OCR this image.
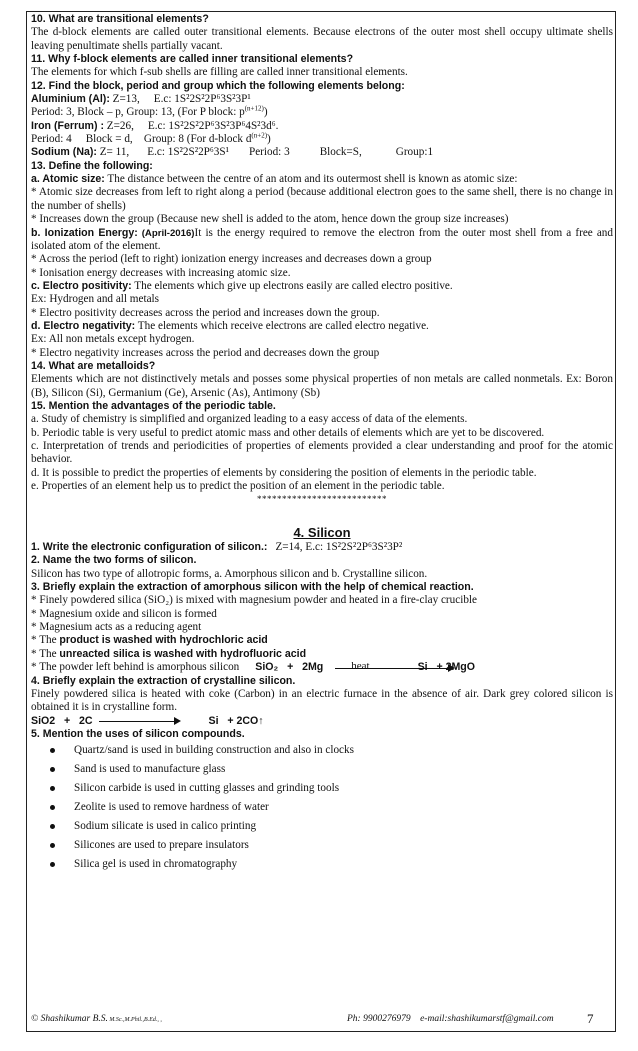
10. What are transitional elements?

The d-block elements are called outer transitional elements. Because electrons of the outer most shell occupy ultimate shells leaving penultimate shells partially vacant.

11. Why f-block elements are called inner transitional elements?

The elements for which f-sub shells are filling are called inner transitional elements.

12. Find the block, period and group which the following elements belong:

Aluminium (Al): Z=13, E.c: 1S²2S²2P⁶3S²3P¹

Period: 3, Block – p, Group: 13, (For P block: $p^{(n+12)}$)

Iron (Ferrum) : Z=26, E.c: 1S²2S²2P⁶3S²3P⁶4S²3d⁶.

Period: 4     Block = d,    Group: 8 (For d-block $d^{(n+2)}$)

Sodium (Na): Z= 11, E.c: 1S²2S²2P⁶3S¹ Period: 3	Block=S,	Group:1

13. Define the following:

a. Atomic size: The distance between the centre of an atom and its outermost shell is known as atomic size:

* Atomic size decreases from left to right along a period (because additional electron goes to the same shell, there is no change in the number of shells)

* Increases down the group (Because new shell is added to the atom, hence down the group size increases)

b. Ionization Energy: (April-2016)It is the energy required to remove the electron from the outer most shell from a free and isolated atom of the element.

* Across the period (left to right) ionization energy increases and decreases down a group

* Ionisation energy decreases with increasing atomic size.

c. Electro positivity: The elements which give up electrons easily are called electro positive.

Ex: Hydrogen and all metals

* Electro positivity decreases across the period and increases down the group.

d. Electro negativity: The elements which receive electrons are called electro negative.

Ex: All non metals except hydrogen.

* Electro negativity increases across the period and decreases down the group

14. What are metalloids?

Elements which are not distinctively metals and posses some physical properties of non metals are called nonmetals. Ex: Boron (B), Silicon (Si), Germanium (Ge), Arsenic (As), Antimony (Sb)

15. Mention the advantages of the periodic table.

a. Study of chemistry is simplified and organized leading to a easy access of data of the elements.

b. Periodic table is very useful to predict atomic mass and other details of elements which are yet to be discovered.

c. Interpretation of trends and periodicities of properties of elements provided a clear understanding and proof for the atomic behavior.

d. It is possible to predict the properties of elements by considering the position of elements in the periodic table.

e. Properties of an element help us to predict the position of an element in the periodic table.

**************************

4. Silicon

1. Write the electronic configuration of silicon.: Z=14, E.c: 1S²2S²2P⁶3S²3P²

2. Name the two forms of silicon.

Silicon has two type of allotropic forms, a. Amorphous silicon and b. Crystalline silicon.

3. Briefly explain the extraction of amorphous silicon with the help of chemical reaction.

* Finely powdered silica (SiO₂) is mixed with magnesium powder and heated in a fire-clay crucible

* Magnesium oxide and silicon is formed

* Magnesium acts as a reducing agent

* The product is washed with hydrochloric acid

* The unreacted silica is washed with hydrofluoric acid

* The powder left behind is amorphous silicon SiO₂   +   2Mg	heat	Si   + 2MgO

4. Briefly explain the extraction of crystalline silicon.

Finely powdered silica is heated with coke (Carbon) in an electric furnace in the absence of air. Dark grey colored silicon is obtained it is in crystalline form.

SiO2   +   2C	Si   + 2CO↑

5. Mention the uses of silicon compounds.

Quartz/sand is used in building construction and also in clocks
Sand is used to manufacture glass
Silicon carbide is used in cutting glasses and grinding tools
Zeolite is used to remove hardness of water
Sodium silicate is used in calico printing
Silicones are used to prepare insulators
Silica gel is used in chromatography
© Shashikumar B.S. M.Sc.,M.Phil.,B.Ed., ,	Ph: 9900276979    e-mail:shashikumarstf@gmail.com	7
